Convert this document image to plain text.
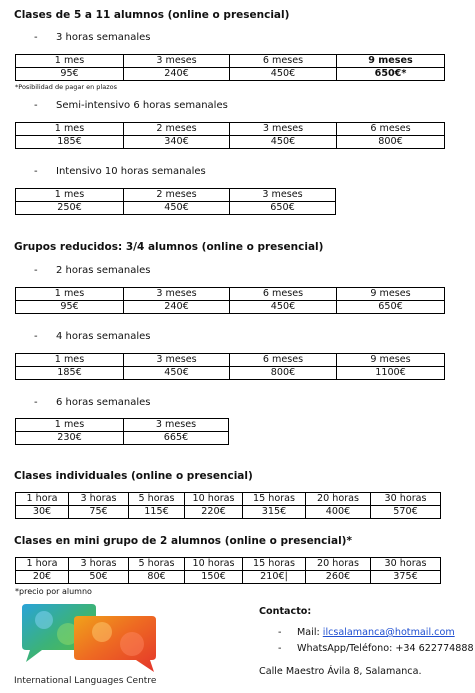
Clases de 5 a 11 alumnos (online o presencial)
- 3 horas semanales
1 mes	3 meses	6 meses	9 meses
95€	240€	450€	650€*
*Posibilidad de pagar en plazos
- Semi-intensivo 6 horas semanales
1 mes	2 meses	3 meses	6 meses
185€	340€	450€	800€
- Intensivo 10 horas semanales
1 mes	2 meses	3 meses
250€	450€	650€
Grupos reducidos: 3/4 alumnos (online o presencial)
- 2 horas semanales
1 mes	3 meses	6 meses	9 meses
95€	240€	450€	650€
- 4 horas semanales
1 mes	3 meses	6 meses	9 meses
185€	450€	800€	1100€
- 6 horas semanales
1 mes	3 meses
230€	665€
Clases individuales (online o presencial)
1 hora	3 horas	5 horas	10 horas	15 horas	20 horas	30 horas
30€	75€	115€	220€	315€	400€	570€
Clases en mini grupo de 2 alumnos (online o presencial)*
1 hora	3 horas	5 horas	10 horas	15 horas	20 horas	30 horas
20€	50€	80€	150€	210€|	260€	375€
*precio por alumno
International Languages Centre
Contacto:
- Mail: ilcsalamanca@hotmail.com
- WhatsApp/Teléfono: +34 622774888
Calle Maestro Ávila 8, Salamanca.
